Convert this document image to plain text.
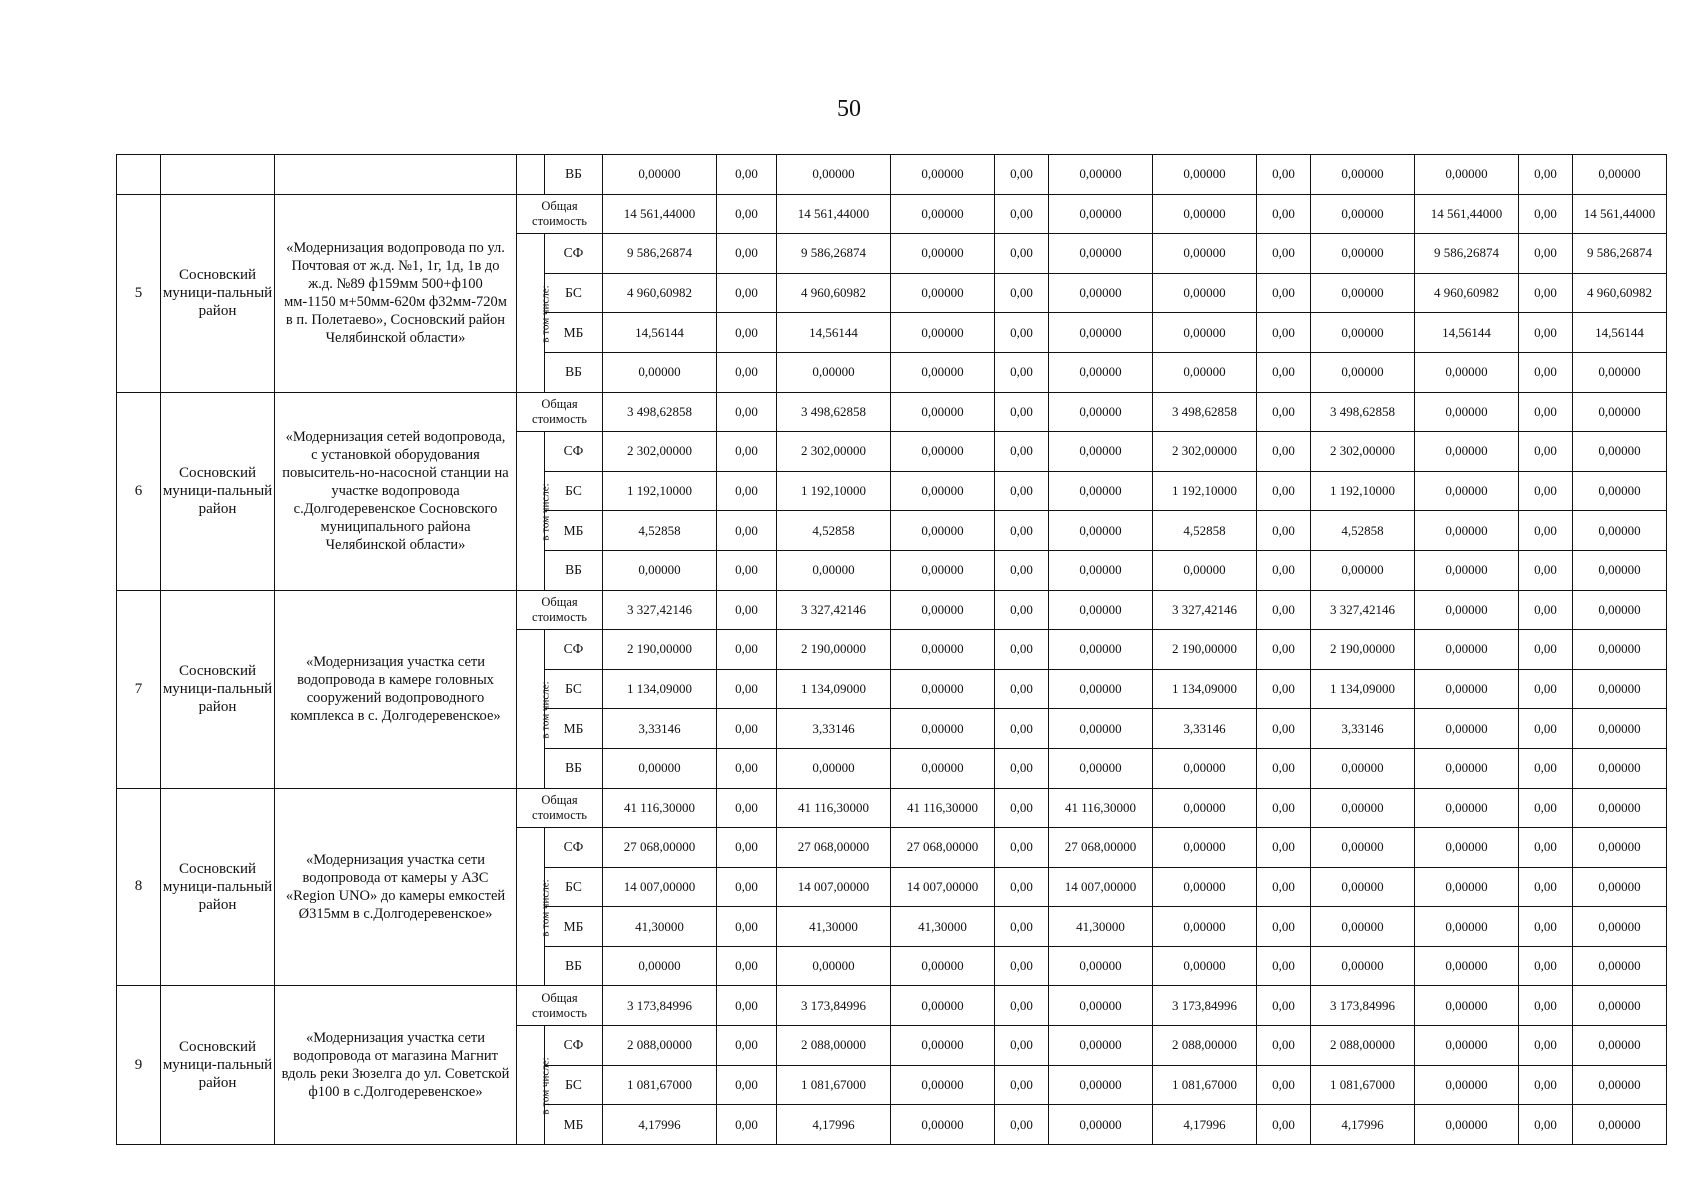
50
				ВБ	0,00000	0,00	0,00000	0,00000	0,00	0,00000	0,00000	0,00	0,00000	0,00000	0,00	0,00000
5	Сосновский муници-пальный район	«Модернизация водопровода по ул. Почтовая от ж.д. №1, 1г, 1д, 1в до ж.д. №89 ф159мм 500+ф100 мм-1150 м+50мм-620м ф32мм-720м в п. Полетаево», Сосновский район Челябинской области»	Общая стоимость		14 561,44000	0,00	14 561,44000	0,00000	0,00	0,00000	0,00000	0,00	0,00000	14 561,44000	0,00	14 561,44000
			в том числе:	СФ	9 586,26874	0,00	9 586,26874	0,00000	0,00	0,00000	0,00000	0,00	0,00000	9 586,26874	0,00	9 586,26874
				БС	4 960,60982	0,00	4 960,60982	0,00000	0,00	0,00000	0,00000	0,00	0,00000	4 960,60982	0,00	4 960,60982
				МБ	14,56144	0,00	14,56144	0,00000	0,00	0,00000	0,00000	0,00	0,00000	14,56144	0,00	14,56144
				ВБ	0,00000	0,00	0,00000	0,00000	0,00	0,00000	0,00000	0,00	0,00000	0,00000	0,00	0,00000
6	Сосновский муници-пальный район	«Модернизация сетей водопровода, с установкой оборудования повыситель-но-насосной станции на участке водопровода с.Долгодеревенское Сосновского муниципального района Челябинской области»	Общая стоимость		3 498,62858	0,00	3 498,62858	0,00000	0,00	0,00000	3 498,62858	0,00	3 498,62858	0,00000	0,00	0,00000
			в том числе:	СФ	2 302,00000	0,00	2 302,00000	0,00000	0,00	0,00000	2 302,00000	0,00	2 302,00000	0,00000	0,00	0,00000
				БС	1 192,10000	0,00	1 192,10000	0,00000	0,00	0,00000	1 192,10000	0,00	1 192,10000	0,00000	0,00	0,00000
				МБ	4,52858	0,00	4,52858	0,00000	0,00	0,00000	4,52858	0,00	4,52858	0,00000	0,00	0,00000
				ВБ	0,00000	0,00	0,00000	0,00000	0,00	0,00000	0,00000	0,00	0,00000	0,00000	0,00	0,00000
7	Сосновский муници-пальный район	«Модернизация участка сети водопровода в камере головных сооружений водопроводного комплекса в с. Долгодеревенское»	Общая стоимость		3 327,42146	0,00	3 327,42146	0,00000	0,00	0,00000	3 327,42146	0,00	3 327,42146	0,00000	0,00	0,00000
			в том числе:	СФ	2 190,00000	0,00	2 190,00000	0,00000	0,00	0,00000	2 190,00000	0,00	2 190,00000	0,00000	0,00	0,00000
				БС	1 134,09000	0,00	1 134,09000	0,00000	0,00	0,00000	1 134,09000	0,00	1 134,09000	0,00000	0,00	0,00000
				МБ	3,33146	0,00	3,33146	0,00000	0,00	0,00000	3,33146	0,00	3,33146	0,00000	0,00	0,00000
				ВБ	0,00000	0,00	0,00000	0,00000	0,00	0,00000	0,00000	0,00	0,00000	0,00000	0,00	0,00000
8	Сосновский муници-пальный район	«Модернизация участка сети водопровода от камеры у АЗС «Region UNO» до камеры емкостей Ø315мм в с.Долгодеревенское»	Общая стоимость		41 116,30000	0,00	41 116,30000	41 116,30000	0,00	41 116,30000	0,00000	0,00	0,00000	0,00000	0,00	0,00000
			в том числе:	СФ	27 068,00000	0,00	27 068,00000	27 068,00000	0,00	27 068,00000	0,00000	0,00	0,00000	0,00000	0,00	0,00000
				БС	14 007,00000	0,00	14 007,00000	14 007,00000	0,00	14 007,00000	0,00000	0,00	0,00000	0,00000	0,00	0,00000
				МБ	41,30000	0,00	41,30000	41,30000	0,00	41,30000	0,00000	0,00	0,00000	0,00000	0,00	0,00000
				ВБ	0,00000	0,00	0,00000	0,00000	0,00	0,00000	0,00000	0,00	0,00000	0,00000	0,00	0,00000
9	Сосновский муници-пальный район	«Модернизация участка сети водопровода от магазина Магнит вдоль реки Зюзелга до ул. Советской ф100 в с.Долгодеревенское»	Общая стоимость		3 173,84996	0,00	3 173,84996	0,00000	0,00	0,00000	3 173,84996	0,00	3 173,84996	0,00000	0,00	0,00000
			в том числе:	СФ	2 088,00000	0,00	2 088,00000	0,00000	0,00	0,00000	2 088,00000	0,00	2 088,00000	0,00000	0,00	0,00000
				БС	1 081,67000	0,00	1 081,67000	0,00000	0,00	0,00000	1 081,67000	0,00	1 081,67000	0,00000	0,00	0,00000
				МБ	4,17996	0,00	4,17996	0,00000	0,00	0,00000	4,17996	0,00	4,17996	0,00000	0,00	0,00000
